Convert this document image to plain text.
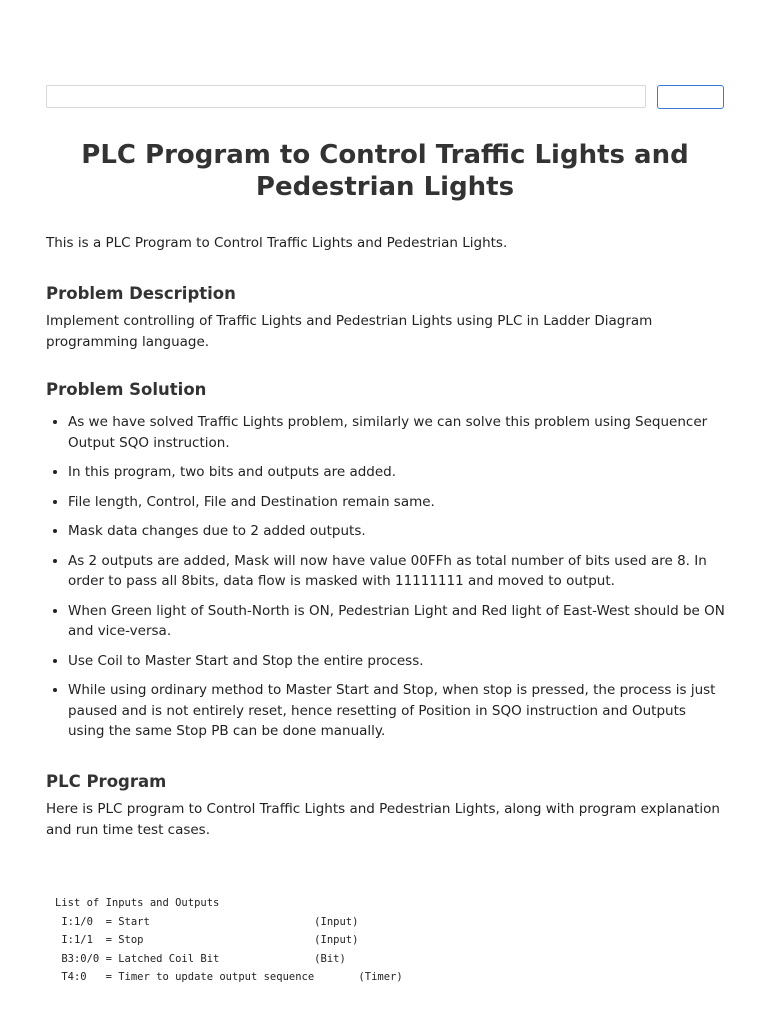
PLC Program to Control Traffic Lights and Pedestrian Lights

This is a PLC Program to Control Traffic Lights and Pedestrian Lights.

Problem Description

Implement controlling of Traffic Lights and Pedestrian Lights using PLC in Ladder Diagram programming language.

Problem Solution
• As we have solved Traffic Lights problem, similarly we can solve this problem using Sequencer Output SQO instruction.
• In this program, two bits and outputs are added.
• File length, Control, File and Destination remain same.
• Mask data changes due to 2 added outputs.
• As 2 outputs are added, Mask will now have value 00FFh as total number of bits used are 8. In order to pass all 8bits, data flow is masked with 11111111 and moved to output.
• When Green light of South-North is ON, Pedestrian Light and Red light of East-West should be ON and vice-versa.
• Use Coil to Master Start and Stop the entire process.
• While using ordinary method to Master Start and Stop, when stop is pressed, the process is just paused and is not entirely reset, hence resetting of Position in SQO instruction and Outputs using the same Stop PB can be done manually.
PLC Program

Here is PLC program to Control Traffic Lights and Pedestrian Lights, along with program explanation and run time test cases.

List of Inputs and Outputs
I:1/0  = Start                          (Input)
I:1/1  = Stop                           (Input)
B3:0/0 = Latched Coil Bit               (Bit)
T4:0   = Timer to update output sequence       (Timer)
